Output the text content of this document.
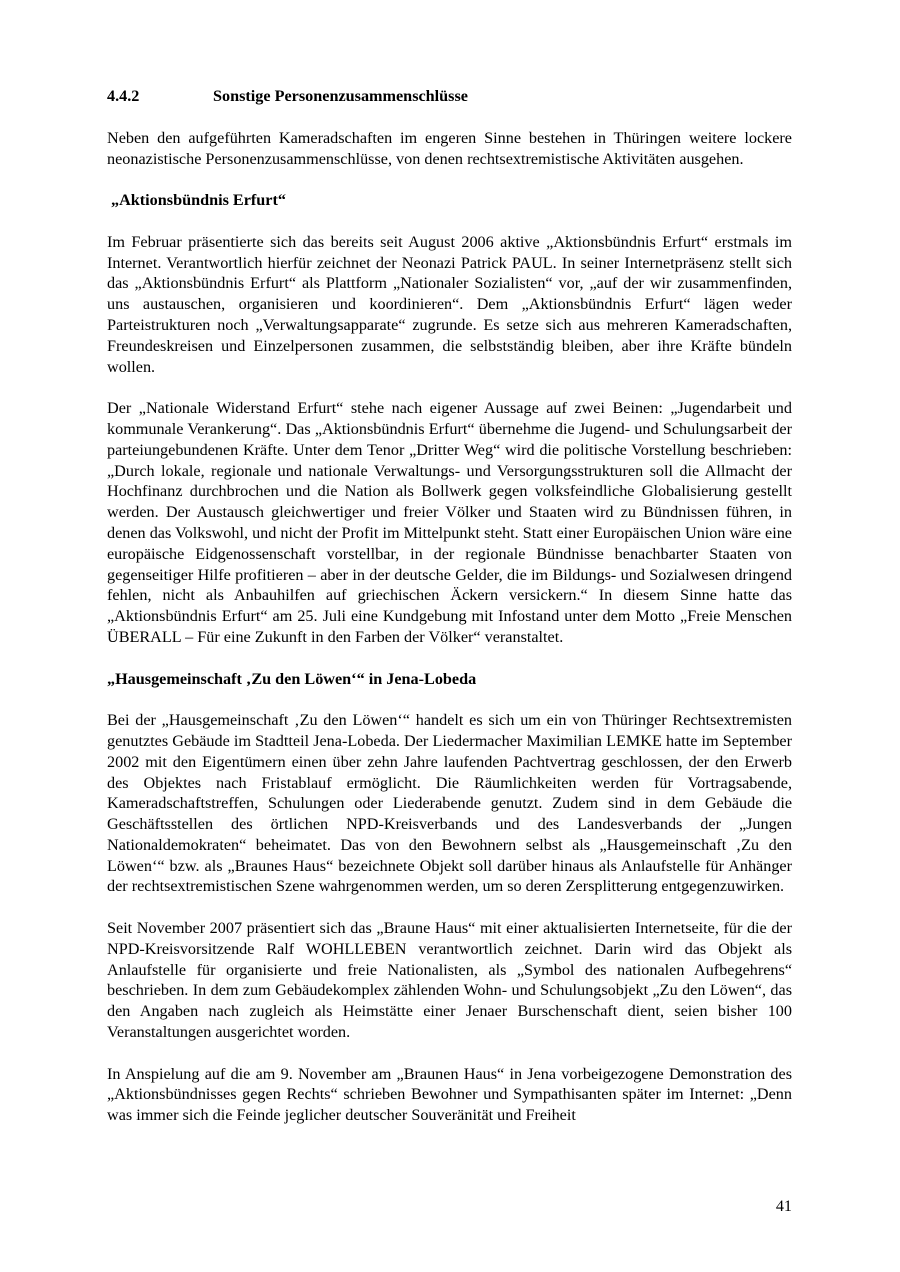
4.4.2	Sonstige Personenzusammenschlüsse

Neben den aufgeführten Kameradschaften im engeren Sinne bestehen in Thüringen weitere lockere neonazistische Personenzusammenschlüsse, von denen rechtsextremistische Aktivitäten ausgehen.

„Aktionsbündnis Erfurt“

Im Februar präsentierte sich das bereits seit August 2006 aktive „Aktionsbündnis Erfurt“ erstmals im Internet. Verantwortlich hierfür zeichnet der Neonazi Patrick PAUL. In seiner Internetpräsenz stellt sich das „Aktionsbündnis Erfurt“ als Plattform „Nationaler Sozialisten“ vor, „auf der wir zusammenfinden, uns austauschen, organisieren und koordinieren“. Dem „Aktionsbündnis Erfurt“ lägen weder Parteistrukturen noch „Verwaltungsapparate“ zugrunde. Es setze sich aus mehreren Kameradschaften, Freundeskreisen und Einzelpersonen zusammen, die selbstständig bleiben, aber ihre Kräfte bündeln wollen.

Der „Nationale Widerstand Erfurt“ stehe nach eigener Aussage auf zwei Beinen: „Jugendarbeit und kommunale Verankerung“. Das „Aktionsbündnis Erfurt“ übernehme die Jugend- und Schulungsarbeit der parteiungebundenen Kräfte. Unter dem Tenor „Dritter Weg“ wird die politische Vorstellung beschrieben: „Durch lokale, regionale und nationale Verwaltungs- und Versorgungsstrukturen soll die Allmacht der Hochfinanz durchbrochen und die Nation als Bollwerk gegen volksfeindliche Globalisierung gestellt werden. Der Austausch gleichwertiger und freier Völker und Staaten wird zu Bündnissen führen, in denen das Volkswohl, und nicht der Profit im Mittelpunkt steht. Statt einer Europäischen Union wäre eine europäische Eidgenossenschaft vorstellbar, in der regionale Bündnisse benachbarter Staaten von gegenseitiger Hilfe profitieren – aber in der deutsche Gelder, die im Bildungs- und Sozialwesen dringend fehlen, nicht als Anbauhilfen auf griechischen Äckern versickern.“ In diesem Sinne hatte das „Aktionsbündnis Erfurt“ am 25. Juli eine Kundgebung mit Infostand unter dem Motto „Freie Menschen ÜBERALL – Für eine Zukunft in den Farben der Völker“ veranstaltet.

„Hausgemeinschaft ‚Zu den Löwen‘“ in Jena-Lobeda

Bei der „Hausgemeinschaft ‚Zu den Löwen‘“ handelt es sich um ein von Thüringer Rechtsextremisten genutztes Gebäude im Stadtteil Jena-Lobeda. Der Liedermacher Maximilian LEMKE hatte im September 2002 mit den Eigentümern einen über zehn Jahre laufenden Pachtvertrag geschlossen, der den Erwerb des Objektes nach Fristablauf ermöglicht. Die Räumlichkeiten werden für Vortragsabende, Kameradschaftstreffen, Schulungen oder Liederabende genutzt. Zudem sind in dem Gebäude die Geschäftsstellen des örtlichen NPD-Kreisverbands und des Landesverbands der „Jungen Nationaldemokraten“ beheimatet. Das von den Bewohnern selbst als „Hausgemeinschaft ‚Zu den Löwen‘“ bzw. als „Braunes Haus“ bezeichnete Objekt soll darüber hinaus als Anlaufstelle für Anhänger der rechtsextremistischen Szene wahrgenommen werden, um so deren Zersplitterung entgegenzuwirken.

Seit November 2007 präsentiert sich das „Braune Haus“ mit einer aktualisierten Internetseite, für die der NPD-Kreisvorsitzende Ralf WOHLLEBEN verantwortlich zeichnet. Darin wird das Objekt als Anlaufstelle für organisierte und freie Nationalisten, als „Symbol des nationalen Aufbegehrens“ beschrieben. In dem zum Gebäudekomplex zählenden Wohn- und Schulungsobjekt „Zu den Löwen“, das den Angaben nach zugleich als Heimstätte einer Jenaer Burschenschaft dient, seien bisher 100 Veranstaltungen ausgerichtet worden.

In Anspielung auf die am 9. November am „Braunen Haus“ in Jena vorbeigezogene Demonstration des „Aktionsbündnisses gegen Rechts“ schrieben Bewohner und Sympathisanten später im Internet: „Denn was immer sich die Feinde jeglicher deutscher Souveränität und Freiheit

41
